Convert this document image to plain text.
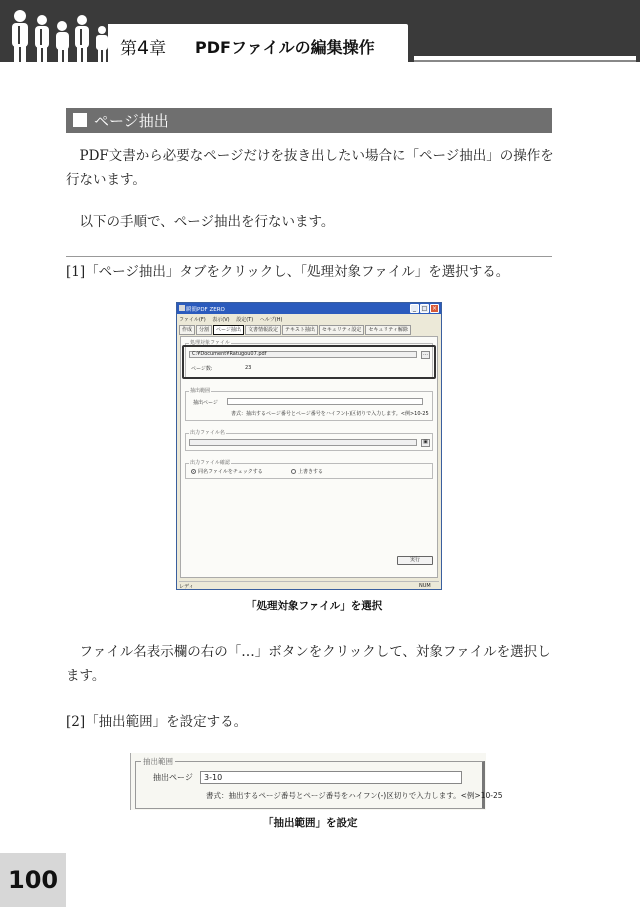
第4章 PDFファイルの編集操作
ページ抽出
　PDF文書から必要なページだけを抜き出したい場合に「ページ抽出」の操作を行ないます。
　以下の手順で、ページ抽出を行ないます。
[1]「ページ抽出」タブをクリックし、「処理対象ファイル」を選択する。
瞬簡PDF ZERO	_ □ ×
ファイル(F) 表示(V) 設定(T) ヘルプ(H)
作成 分割 ページ抽出 文書情報設定 テキスト抽出 セキュリティ設定 セキュリティ解除
処理対象ファイル
C:¥Document¥Ratugou07.pdf	…
ページ数:	23
抽出範囲
抽出ページ
書式：抽出するページ番号とページ番号をハイフン(-)区切りで入力します。<例>10-25
出力ファイル名
▣
出力ファイル確認
同名ファイルをチェックする	上書きする
実行
レディ	NUM
「処理対象ファイル」を選択
　ファイル名表示欄の右の「…」ボタンをクリックして、対象ファイルを選択します。
[2]「抽出範囲」を設定する。
抽出範囲
抽出ページ	3-10
書式：抽出するページ番号とページ番号をハイフン(-)区切りで入力します。<例>10-25
「抽出範囲」を設定
100
